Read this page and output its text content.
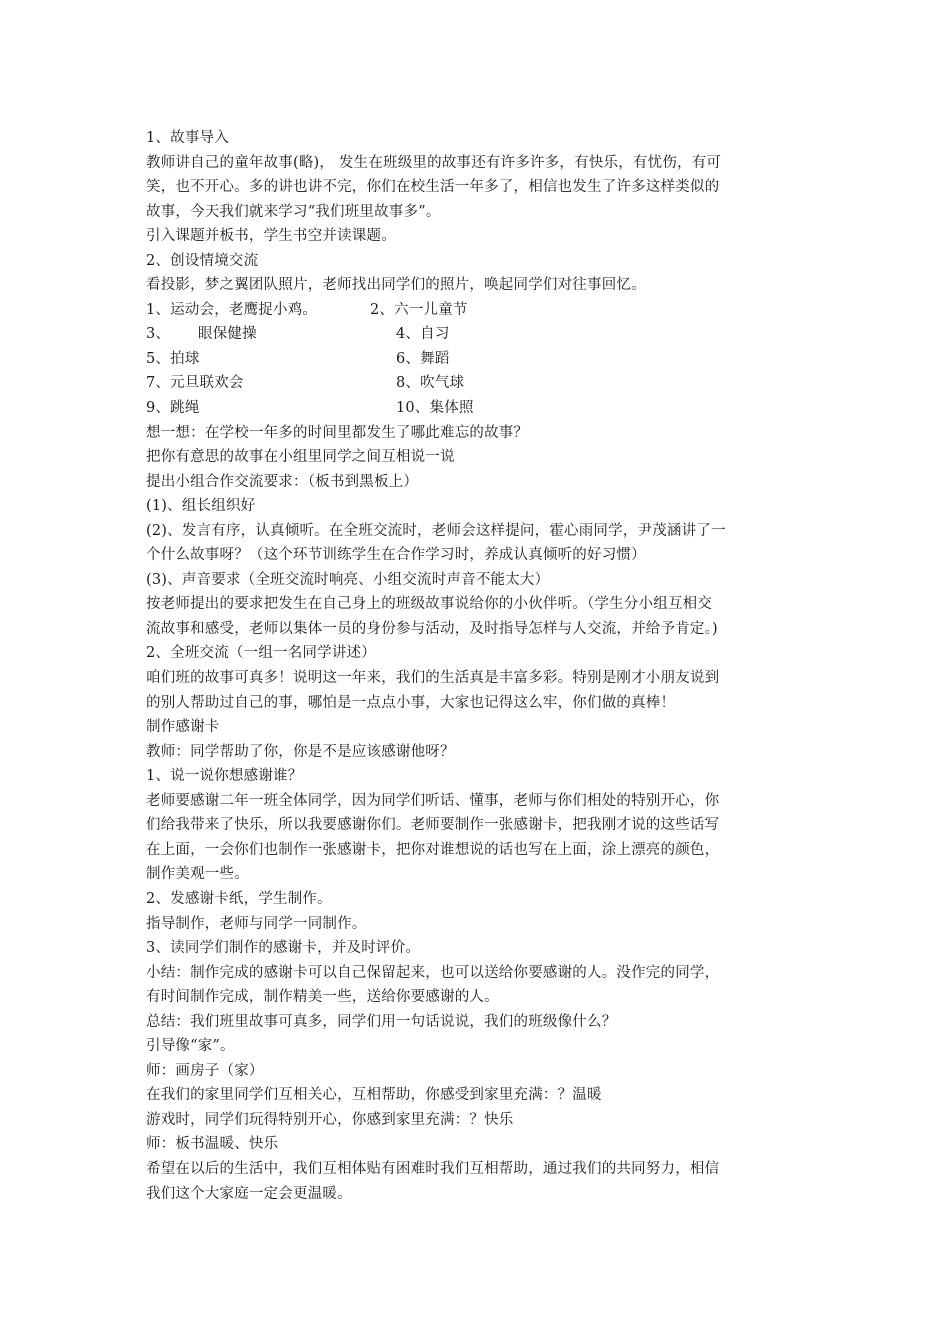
1、故事导入
教师讲自己的童年故事(略)， 发生在班级里的故事还有许多许多，有快乐，有忧伤，有可
笑，也不开心。多的讲也讲不完，你们在校生活一年多了，相信也发生了许多这样类似的
故事，今天我们就来学习“我们班里故事多”。
引入课题并板书，学生书空并读课题。
2、创设情境交流
看投影，梦之翼团队照片，老师找出同学们的照片，唤起同学们对往事回忆。
1、运动会，老鹰捉小鸡。	2、六一儿童节
3、 眼保健操	4、自习
5、拍球	6、舞蹈
7、元旦联欢会	8、吹气球
9、跳绳	10、集体照
想一想：在学校一年多的时间里都发生了哪此难忘的故事？
把你有意思的故事在小组里同学之间互相说一说
提出小组合作交流要求：（板书到黑板上）
(1)、组长组织好
(2)、发言有序，认真倾听。在全班交流时，老师会这样提问，霍心雨同学，尹茂涵讲了一
个什么故事呀？（这个环节训练学生在合作学习时，养成认真倾听的好习惯）
(3)、声音要求（全班交流时响亮、小组交流时声音不能太大）
按老师提出的要求把发生在自己身上的班级故事说给你的小伙伴听。（学生分小组互相交
流故事和感受，老师以集体一员的身份参与活动，及时指导怎样与人交流，并给予肯定。)
2、全班交流（一组一名同学讲述）
咱们班的故事可真多！说明这一年来，我们的生活真是丰富多彩。特别是刚才小朋友说到
的别人帮助过自己的事，哪怕是一点点小事，大家也记得这么牢，你们做的真棒！
制作感谢卡
教师：同学帮助了你，你是不是应该感谢他呀？
1、说一说你想感谢谁？
老师要感谢二年一班全体同学，因为同学们听话、懂事，老师与你们相处的特别开心，你
们给我带来了快乐，所以我要感谢你们。老师要制作一张感谢卡，把我刚才说的这些话写
在上面，一会你们也制作一张感谢卡，把你对谁想说的话也写在上面，涂上漂亮的颜色，
制作美观一些。
2、发感谢卡纸，学生制作。
指导制作，老师与同学一同制作。
3、读同学们制作的感谢卡，并及时评价。
小结：制作完成的感谢卡可以自己保留起来，也可以送给你要感谢的人。没作完的同学，
有时间制作完成，制作精美一些，送给你要感谢的人。
总结：我们班里故事可真多，同学们用一句话说说，我们的班级像什么？
引导像“家”。
师：画房子（家）
在我们的家里同学们互相关心，互相帮助，你感受到家里充满：？温暖
游戏时，同学们玩得特别开心，你感到家里充满：？快乐
师：板书温暖、快乐
希望在以后的生活中，我们互相体贴有困难时我们互相帮助，通过我们的共同努力，相信
我们这个大家庭一定会更温暖。
